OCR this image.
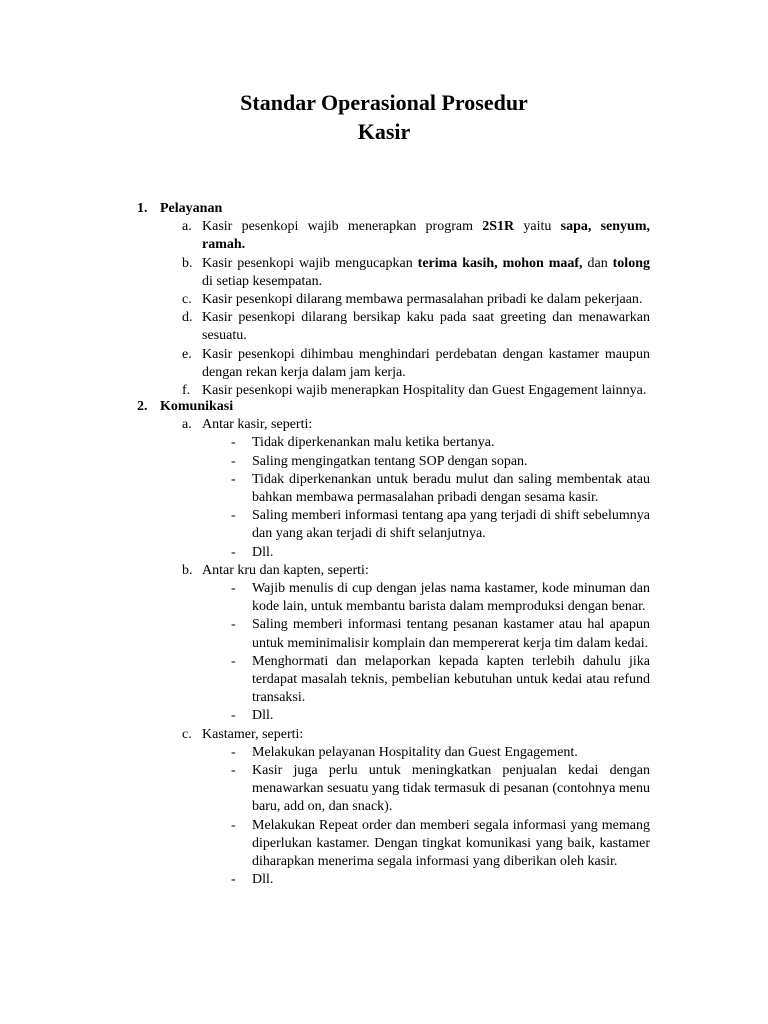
Standar Operasional Prosedur
Kasir
1. Pelayanan
a. Kasir pesenkopi wajib menerapkan program 2S1R yaitu sapa, senyum, ramah.
b. Kasir pesenkopi wajib mengucapkan terima kasih, mohon maaf, dan tolong di setiap kesempatan.
c. Kasir pesenkopi dilarang membawa permasalahan pribadi ke dalam pekerjaan.
d. Kasir pesenkopi dilarang bersikap kaku pada saat greeting dan menawarkan sesuatu.
e. Kasir pesenkopi dihimbau menghindari perdebatan dengan kastamer maupun dengan rekan kerja dalam jam kerja.
f. Kasir pesenkopi wajib menerapkan Hospitality dan Guest Engagement lainnya.
2. Komunikasi
a. Antar kasir, seperti:
- Tidak diperkenankan malu ketika bertanya.
- Saling mengingatkan tentang SOP dengan sopan.
- Tidak diperkenankan untuk beradu mulut dan saling membentak atau bahkan membawa permasalahan pribadi dengan sesama kasir.
- Saling memberi informasi tentang apa yang terjadi di shift sebelumnya dan yang akan terjadi di shift selanjutnya.
- Dll.
b. Antar kru dan kapten, seperti:
- Wajib menulis di cup dengan jelas nama kastamer, kode minuman dan kode lain, untuk membantu barista dalam memproduksi dengan benar.
- Saling memberi informasi tentang pesanan kastamer atau hal apapun untuk meminimalisir komplain dan mempererat kerja tim dalam kedai.
- Menghormati dan melaporkan kepada kapten terlebih dahulu jika terdapat masalah teknis, pembelian kebutuhan untuk kedai atau refund transaksi.
- Dll.
c. Kastamer, seperti:
- Melakukan pelayanan Hospitality dan Guest Engagement.
- Kasir juga perlu untuk meningkatkan penjualan kedai dengan menawarkan sesuatu yang tidak termasuk di pesanan (contohnya menu baru, add on, dan snack).
- Melakukan Repeat order dan memberi segala informasi yang memang diperlukan kastamer. Dengan tingkat komunikasi yang baik, kastamer diharapkan menerima segala informasi yang diberikan oleh kasir.
- Dll.
